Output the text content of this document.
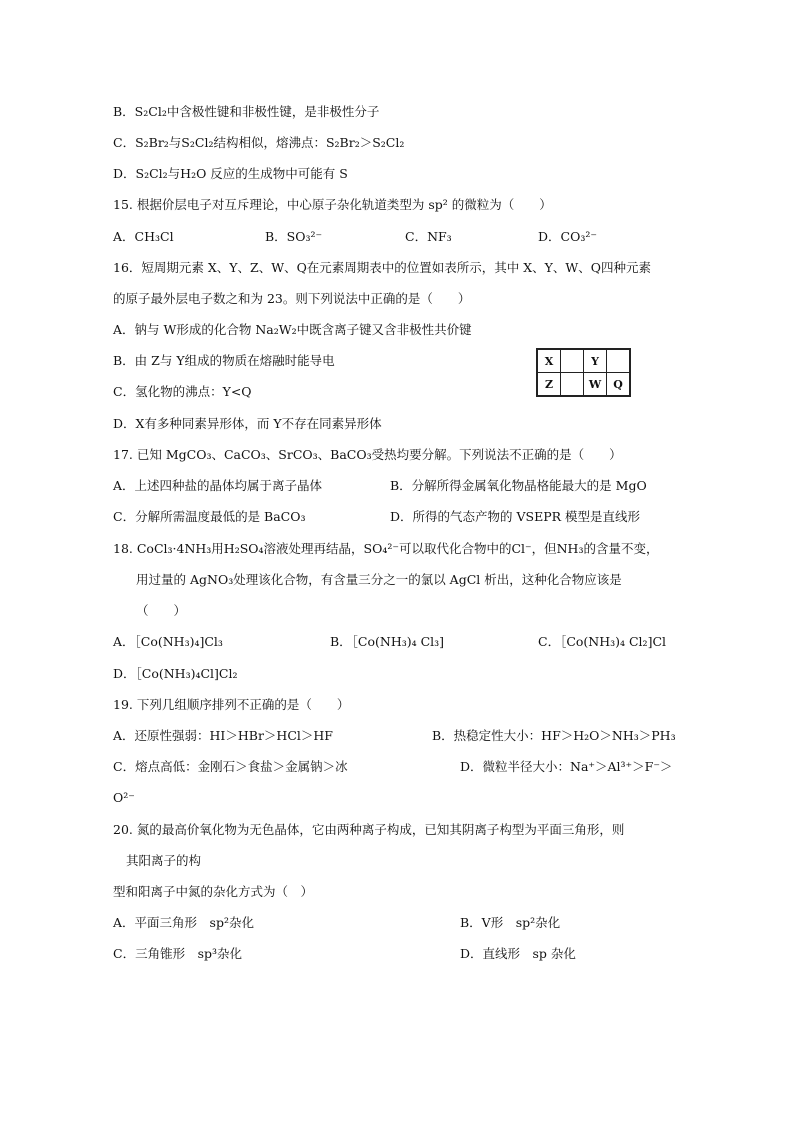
B．S₂Cl₂中含极性键和非极性键，是非极性分子
C．S₂Br₂与S₂Cl₂结构相似，熔沸点：S₂Br₂＞S₂Cl₂
D．S₂Cl₂与H₂O 反应的生成物中可能有 S
15. 根据价层电子对互斥理论，中心原子杂化轨道类型为 sp² 的微粒为（　　）
A．CH₃Cl	B．SO₃²⁻	C．NF₃	D．CO₃²⁻
16．短周期元素 X、Y、Z、W、Q在元素周期表中的位置如表所示，其中 X、Y、W、Q四种元素
的原子最外层电子数之和为 23。则下列说法中正确的是（　　）
A．钠与 W形成的化合物 Na₂W₂中既含离子键又含非极性共价键
B．由 Z与 Y组成的物质在熔融时能导电
C．氢化物的沸点：Y<Q
D．X有多种同素异形体，而 Y不存在同素异形体
X		Y	
Z		W	Q
17. 已知 MgCO₃、CaCO₃、SrCO₃、BaCO₃受热均要分解。下列说法不正确的是（　　）
A．上述四种盐的晶体均属于离子晶体	B．分解所得金属氧化物晶格能最大的是 MgO
C．分解所需温度最低的是 BaCO₃	D．所得的气态产物的 VSEPR 模型是直线形
18. CoCl₃·4NH₃用H₂SO₄溶液处理再结晶，SO₄²⁻可以取代化合物中的Cl⁻，但NH₃的含量不变，
用过量的 AgNO₃处理该化合物，有含量三分之一的氯以 AgCl 析出，这种化合物应该是
（　　）
A．［Co(NH₃)₄]Cl₃	B．［Co(NH₃)₄ Cl₃]	C．［Co(NH₃)₄ Cl₂]Cl
D．［Co(NH₃)₄Cl]Cl₂
19. 下列几组顺序排列不正确的是（　　）
A．还原性强弱：HI＞HBr＞HCl＞HF	B．热稳定性大小：HF＞H₂O＞NH₃＞PH₃
C．熔点高低：金刚石＞食盐＞金属钠＞冰	D．微粒半径大小：Na⁺＞Al³⁺＞F⁻＞
O²⁻
20. 氮的最高价氧化物为无色晶体，它由两种离子构成，已知其阴离子构型为平面三角形，则
其阳离子的构
型和阳离子中氮的杂化方式为（　）
A．平面三角形　sp²杂化	B．V形　sp²杂化
C．三角锥形　sp³杂化	D．直线形　sp 杂化
